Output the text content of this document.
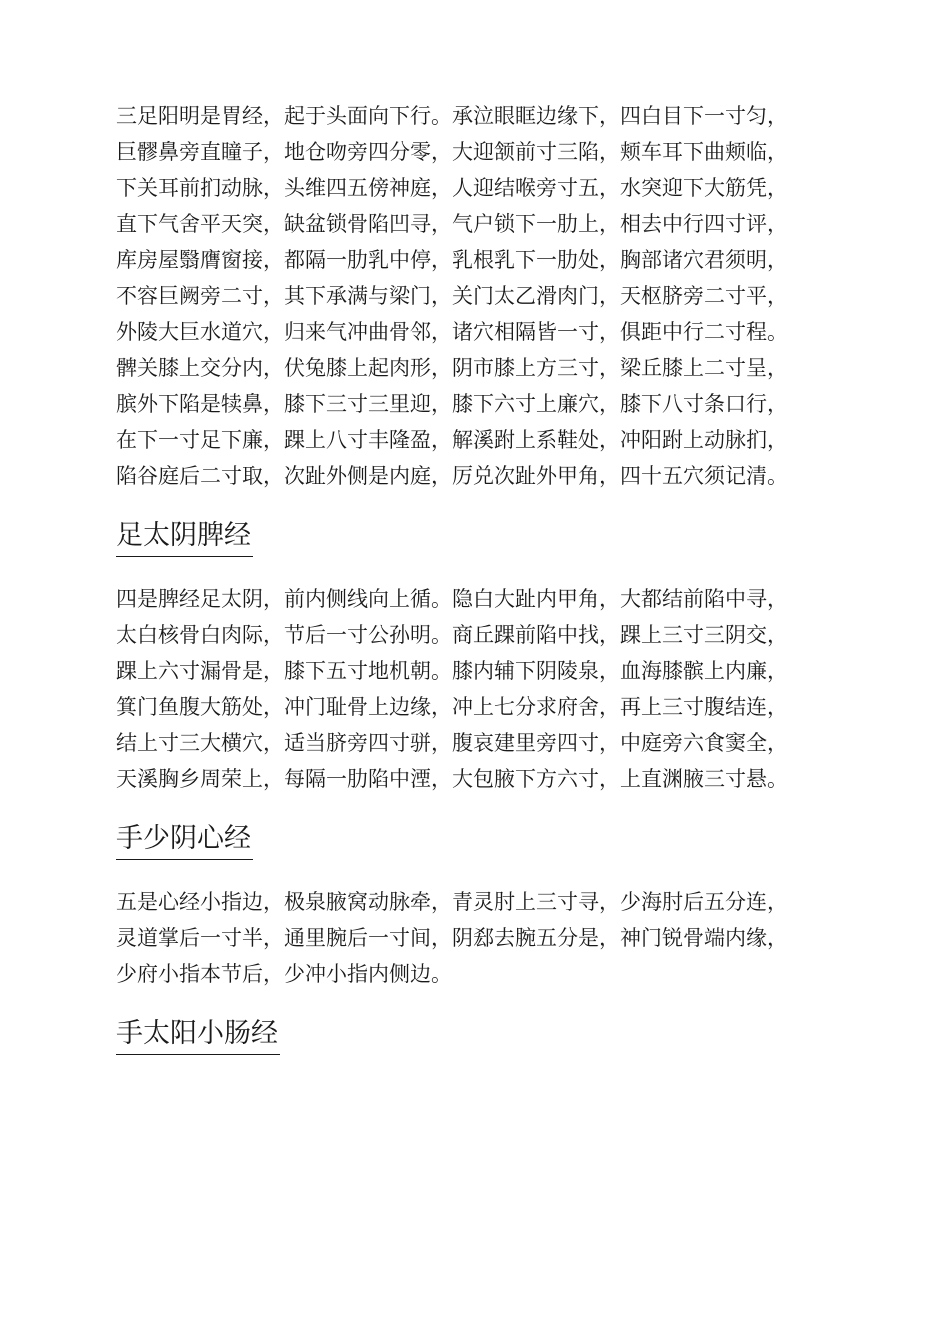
三足阳明是胃经，起于头面向下行。承泣眼眶边缘下，四白目下一寸匀，
巨髎鼻旁直瞳子，地仓吻旁四分零，大迎颔前寸三陷，颊车耳下曲颊临，
下关耳前扪动脉，头维四五傍神庭，人迎结喉旁寸五，水突迎下大筋凭，
直下气舍平天突，缺盆锁骨陷凹寻，气户锁下一肋上，相去中行四寸评，
库房屋翳膺窗接，都隔一肋乳中停，乳根乳下一肋处，胸部诸穴君须明，
不容巨阙旁二寸，其下承满与梁门，关门太乙滑肉门，天枢脐旁二寸平，
外陵大巨水道穴，归来气冲曲骨邻，诸穴相隔皆一寸，俱距中行二寸程。
髀关膝上交分内，伏兔膝上起肉形，阴市膝上方三寸，梁丘膝上二寸呈，
膑外下陷是犊鼻，膝下三寸三里迎，膝下六寸上廉穴，膝下八寸条口行，
在下一寸足下廉，踝上八寸丰隆盈，解溪跗上系鞋处，冲阳跗上动脉扪，
陷谷庭后二寸取，次趾外侧是内庭，厉兑次趾外甲角，四十五穴须记清。
足太阴脾经
四是脾经足太阴，前内侧线向上循。隐白大趾内甲角，大都结前陷中寻，
太白核骨白肉际，节后一寸公孙明。商丘踝前陷中找，踝上三寸三阴交，
踝上六寸漏骨是，膝下五寸地机朝。膝内辅下阴陵泉，血海膝髌上内廉，
箕门鱼腹大筋处，冲门耻骨上边缘，冲上七分求府舍，再上三寸腹结连，
结上寸三大横穴，适当脐旁四寸骈，腹哀建里旁四寸，中庭旁六食窦全，
天溪胸乡周荣上，每隔一肋陷中湮，大包腋下方六寸，上直渊腋三寸悬。
手少阴心经
五是心经小指边，极泉腋窝动脉牵，青灵肘上三寸寻，少海肘后五分连，
灵道掌后一寸半，通里腕后一寸间，阴郄去腕五分是，神门锐骨端内缘，
少府小指本节后，少冲小指内侧边。
手太阳小肠经
